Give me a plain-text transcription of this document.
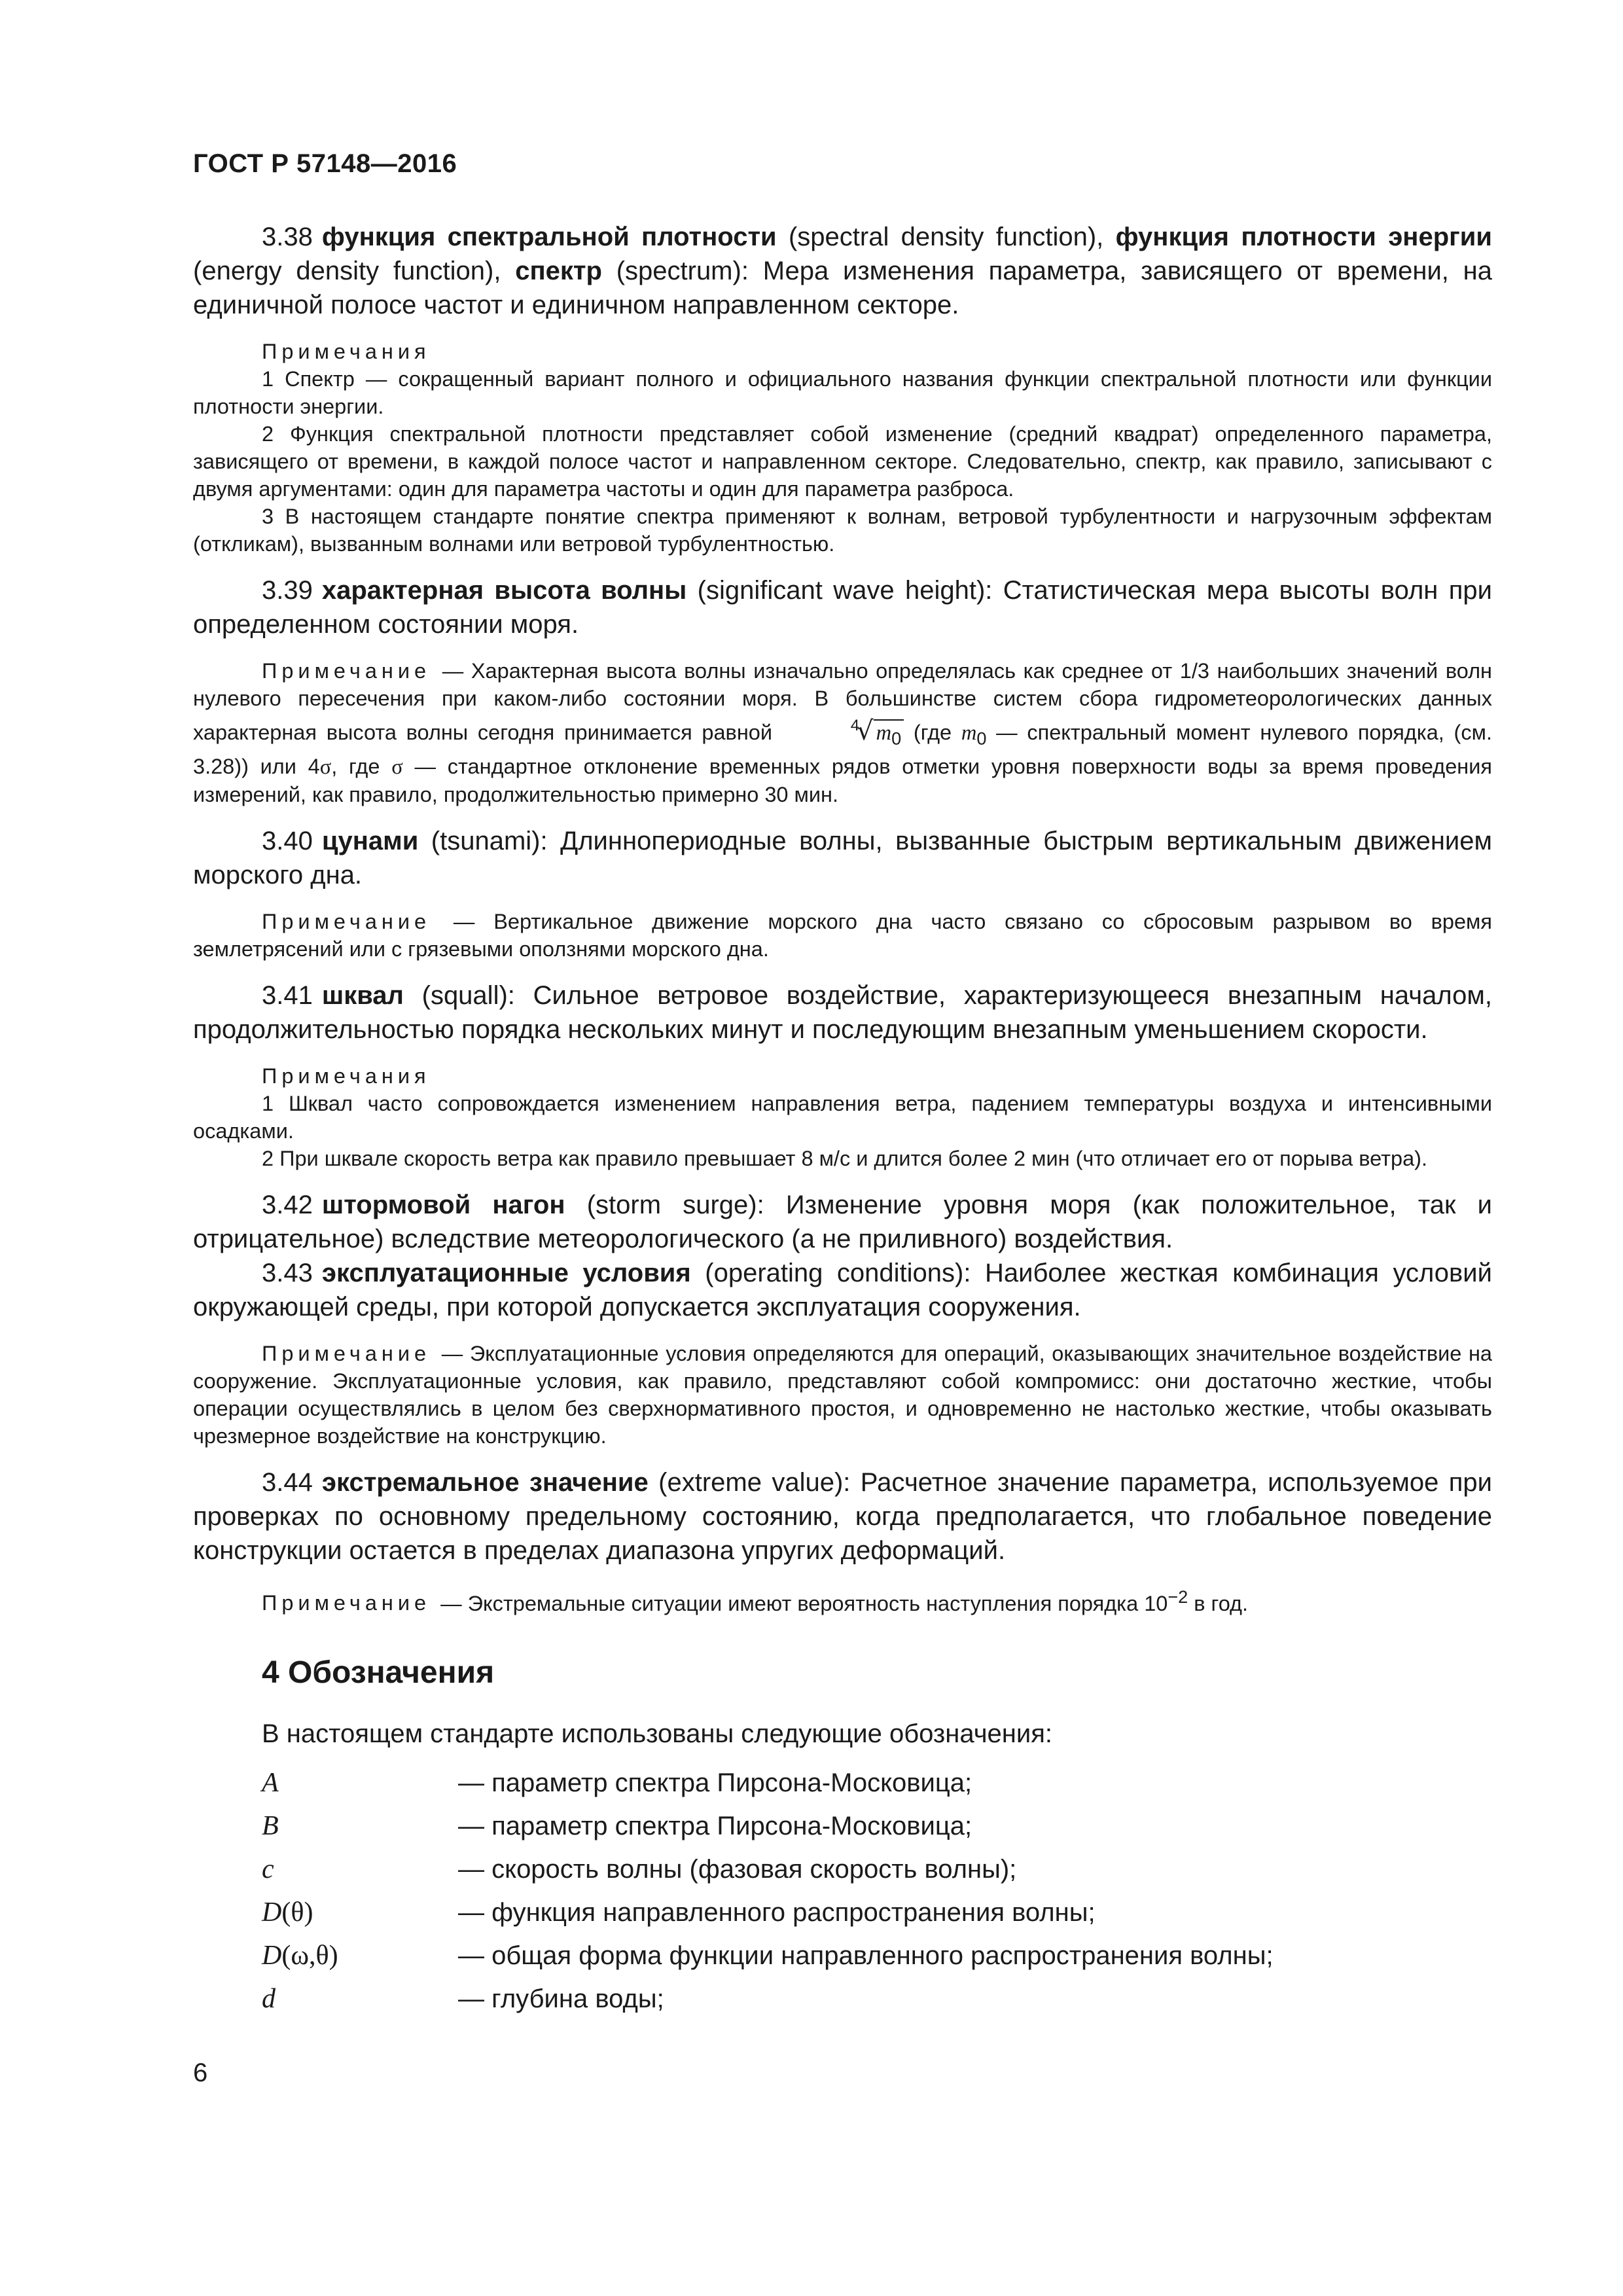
ГОСТ Р 57148—2016

3.38 функция спектральной плотности (spectral density function), функция плотности энергии (energy density function), спектр (spectrum): Мера изменения параметра, зависящего от времени, на единичной полосе частот и единичном направленном секторе.

Примечания

1 Спектр — сокращенный вариант полного и официального названия функции спектральной плотности или функции плотности энергии.

2 Функция спектральной плотности представляет собой изменение (средний квадрат) определенного параметра, зависящего от времени, в каждой полосе частот и направленном секторе. Следовательно, спектр, как правило, записывают с двумя аргументами: один для параметра частоты и один для параметра разброса.

3 В настоящем стандарте понятие спектра применяют к волнам, ветровой турбулентности и нагрузочным эффектам (откликам), вызванным волнами или ветровой турбулентностью.

3.39 характерная высота волны (significant wave height): Статистическая мера высоты волн при определенном состоянии моря.

Примечание — Характерная высота волны изначально определялась как среднее от 1/3 наибольших значений волн нулевого пересечения при каком-либо состоянии моря. В большинстве систем сбора гидрометеорологических данных характерная высота волны сегодня принимается равной	$^4$√ $m_0$ (где $m_0$ — спектральный момент нулевого порядка, (см. 3.28)) или 4σ, где σ — стандартное отклонение временных рядов отметки уровня поверхности воды за время проведения измерений, как правило, продолжительностью примерно 30 мин.

3.40 цунами (tsunami): Длиннопериодные волны, вызванные быстрым вертикальным движением морского дна.

Примечание — Вертикальное движение морского дна часто связано со сбросовым разрывом во время землетрясений или с грязевыми оползнями морского дна.

3.41 шквал (squall): Сильное ветровое воздействие, характеризующееся внезапным началом, продолжительностью порядка нескольких минут и последующим внезапным уменьшением скорости.

Примечания

1 Шквал часто сопровождается изменением направления ветра, падением температуры воздуха и интенсивными осадками.

2 При шквале скорость ветра как правило превышает 8 м/с и длится более 2 мин (что отличает его от порыва ветра).

3.42 штормовой нагон (storm surge): Изменение уровня моря (как положительное, так и отрицательное) вследствие метеорологического (а не приливного) воздействия.

3.43 эксплуатационные условия (operating conditions): Наиболее жесткая комбинация условий окружающей среды, при которой допускается эксплуатация сооружения.

Примечание — Эксплуатационные условия определяются для операций, оказывающих значительное воздействие на сооружение. Эксплуатационные условия, как правило, представляют собой компромисс: они достаточно жесткие, чтобы операции осуществлялись в целом без сверхнормативного простоя, и одновременно не настолько жесткие, чтобы оказывать чрезмерное воздействие на конструкцию.

3.44 экстремальное значение (extreme value): Расчетное значение параметра, используемое при проверках по основному предельному состоянию, когда предполагается, что глобальное поведение конструкции остается в пределах диапазона упругих деформаций.

Примечание — Экстремальные ситуации имеют вероятность наступления порядка $10^{-2}$ в год.

4 Обозначения

В настоящем стандарте использованы следующие обозначения:

A	— параметр спектра Пирсона-Московица;
B	— параметр спектра Пирсона-Московица;
c	— скорость волны (фазовая скорость волны);
D(θ)	— функция направленного распространения волны;
D(ω,θ)	— общая форма функции направленного распространения волны;
d	— глубина воды;
6
